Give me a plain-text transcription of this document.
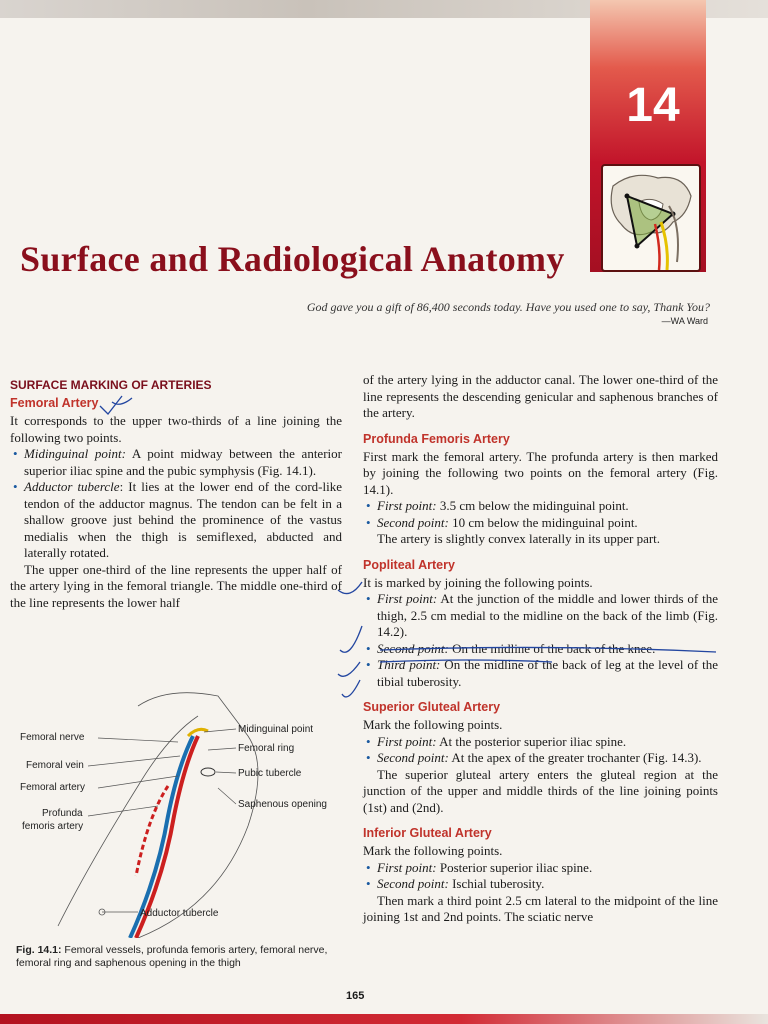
14
Surface and Radiological Anatomy
God gave you a gift of 86,400 seconds today. Have you used one to say, Thank You?
—WA Ward
SURFACE MARKING OF ARTERIES
Femoral Artery

It corresponds to the upper two-thirds of a line joining the following two points.

• Midinguinal point: A point midway between the anterior superior iliac spine and the pubic symphysis (Fig. 14.1).
• Adductor tubercle: It lies at the lower end of the cord-like tendon of the adductor magnus. The tendon can be felt in a shallow groove just behind the prominence of the vastus medialis when the thigh is semiflexed, abducted and laterally rotated.

The upper one-third of the line represents the upper half of the artery lying in the femoral triangle. The middle one-third of the line represents the lower half

Femoral nerve
Femoral vein
Femoral artery
Profunda
femoris artery
Midinguinal point
Femoral ring
Pubic tubercle
Saphenous opening
Adductor tubercle
Fig. 14.1: Femoral vessels, profunda femoris artery, femoral nerve, femoral ring and saphenous opening in the thigh

of the artery lying in the adductor canal. The lower one-third of the line represents the descending genicular and saphenous branches of the artery.

Profunda Femoris Artery

First mark the femoral artery. The profunda artery is then marked by joining the following two points on the femoral artery (Fig. 14.1).

• First point: 3.5 cm below the midinguinal point.
• Second point: 10 cm below the midinguinal point.

The artery is slightly convex laterally in its upper part.

Popliteal Artery

It is marked by joining the following points.

• First point: At the junction of the middle and lower thirds of the thigh, 2.5 cm medial to the midline on the back of the limb (Fig. 14.2).
• Second point: On the midline of the back of the knee.
• Third point: On the midline of the back of leg at the level of the tibial tuberosity.
Superior Gluteal Artery

Mark the following points.

• First point: At the posterior superior iliac spine.
• Second point: At the apex of the greater trochanter (Fig. 14.3).

The superior gluteal artery enters the gluteal region at the junction of the upper and middle thirds of the line joining points (1st) and (2nd).

Inferior Gluteal Artery

Mark the following points.

• First point: Posterior superior iliac spine.
• Second point: Ischial tuberosity.

Then mark a third point 2.5 cm lateral to the midpoint of the line joining 1st and 2nd points. The sciatic nerve

165
